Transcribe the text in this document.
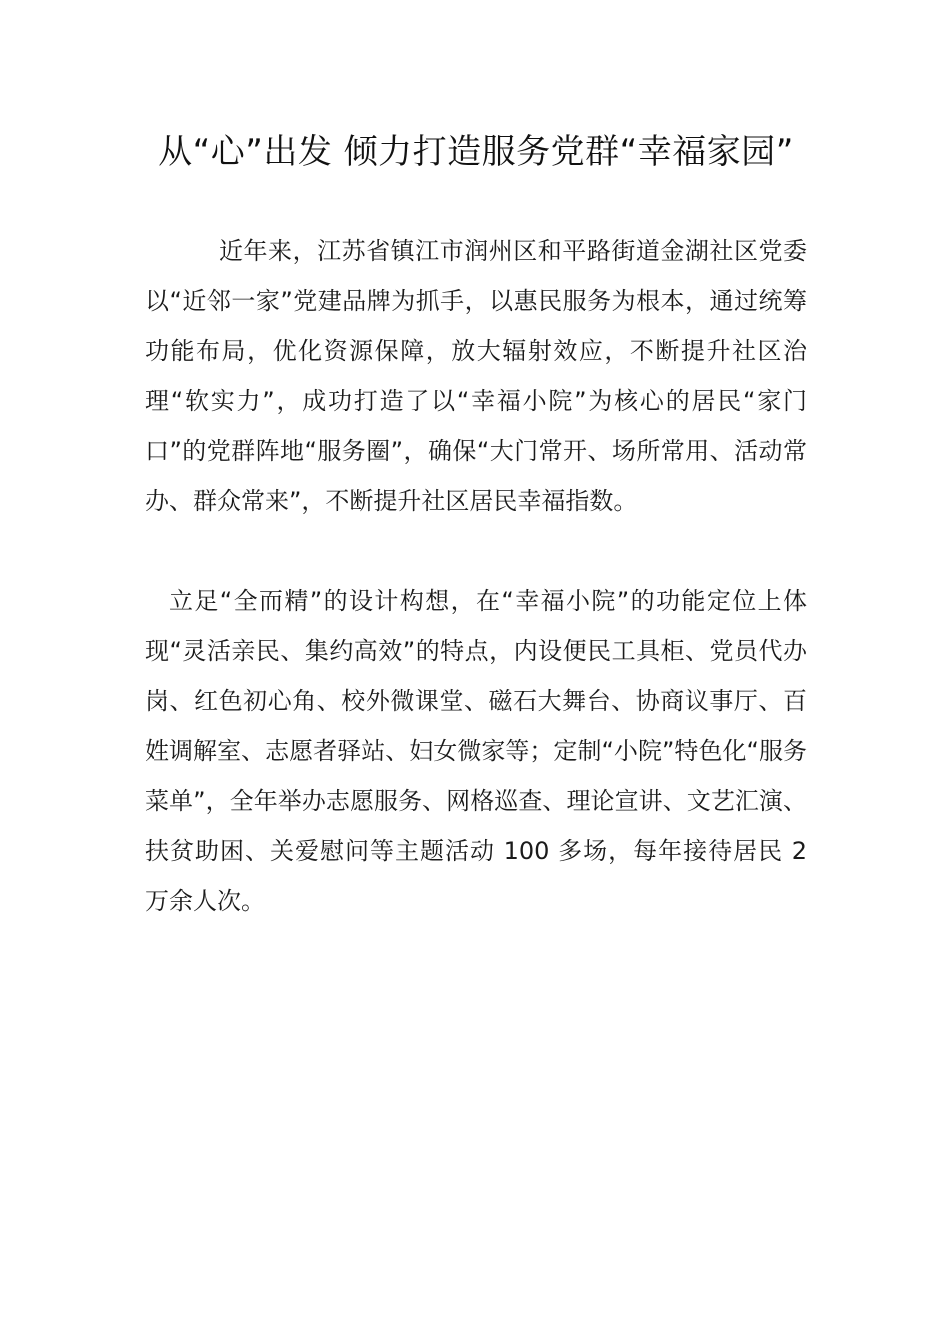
从“心”出发 倾力打造服务党群“幸福家园”

近年来，江苏省镇江市润州区和平路街道金湖社区党委以“近邻一家”党建品牌为抓手，以惠民服务为根本，通过统筹功能布局，优化资源保障，放大辐射效应，不断提升社区治理“软实力”，成功打造了以“幸福小院”为核心的居民“家门口”的党群阵地“服务圈”，确保“大门常开、场所常用、活动常办、群众常来”，不断提升社区居民幸福指数。

立足“全而精”的设计构想，在“幸福小院”的功能定位上体现“灵活亲民、集约高效”的特点，内设便民工具柜、党员代办岗、红色初心角、校外微课堂、磁石大舞台、协商议事厅、百姓调解室、志愿者驿站、妇女微家等；定制“小院”特色化“服务菜单”，全年举办志愿服务、网格巡查、理论宣讲、文艺汇演、扶贫助困、关爱慰问等主题活动 100 多场，每年接待居民 2 万余人次。
